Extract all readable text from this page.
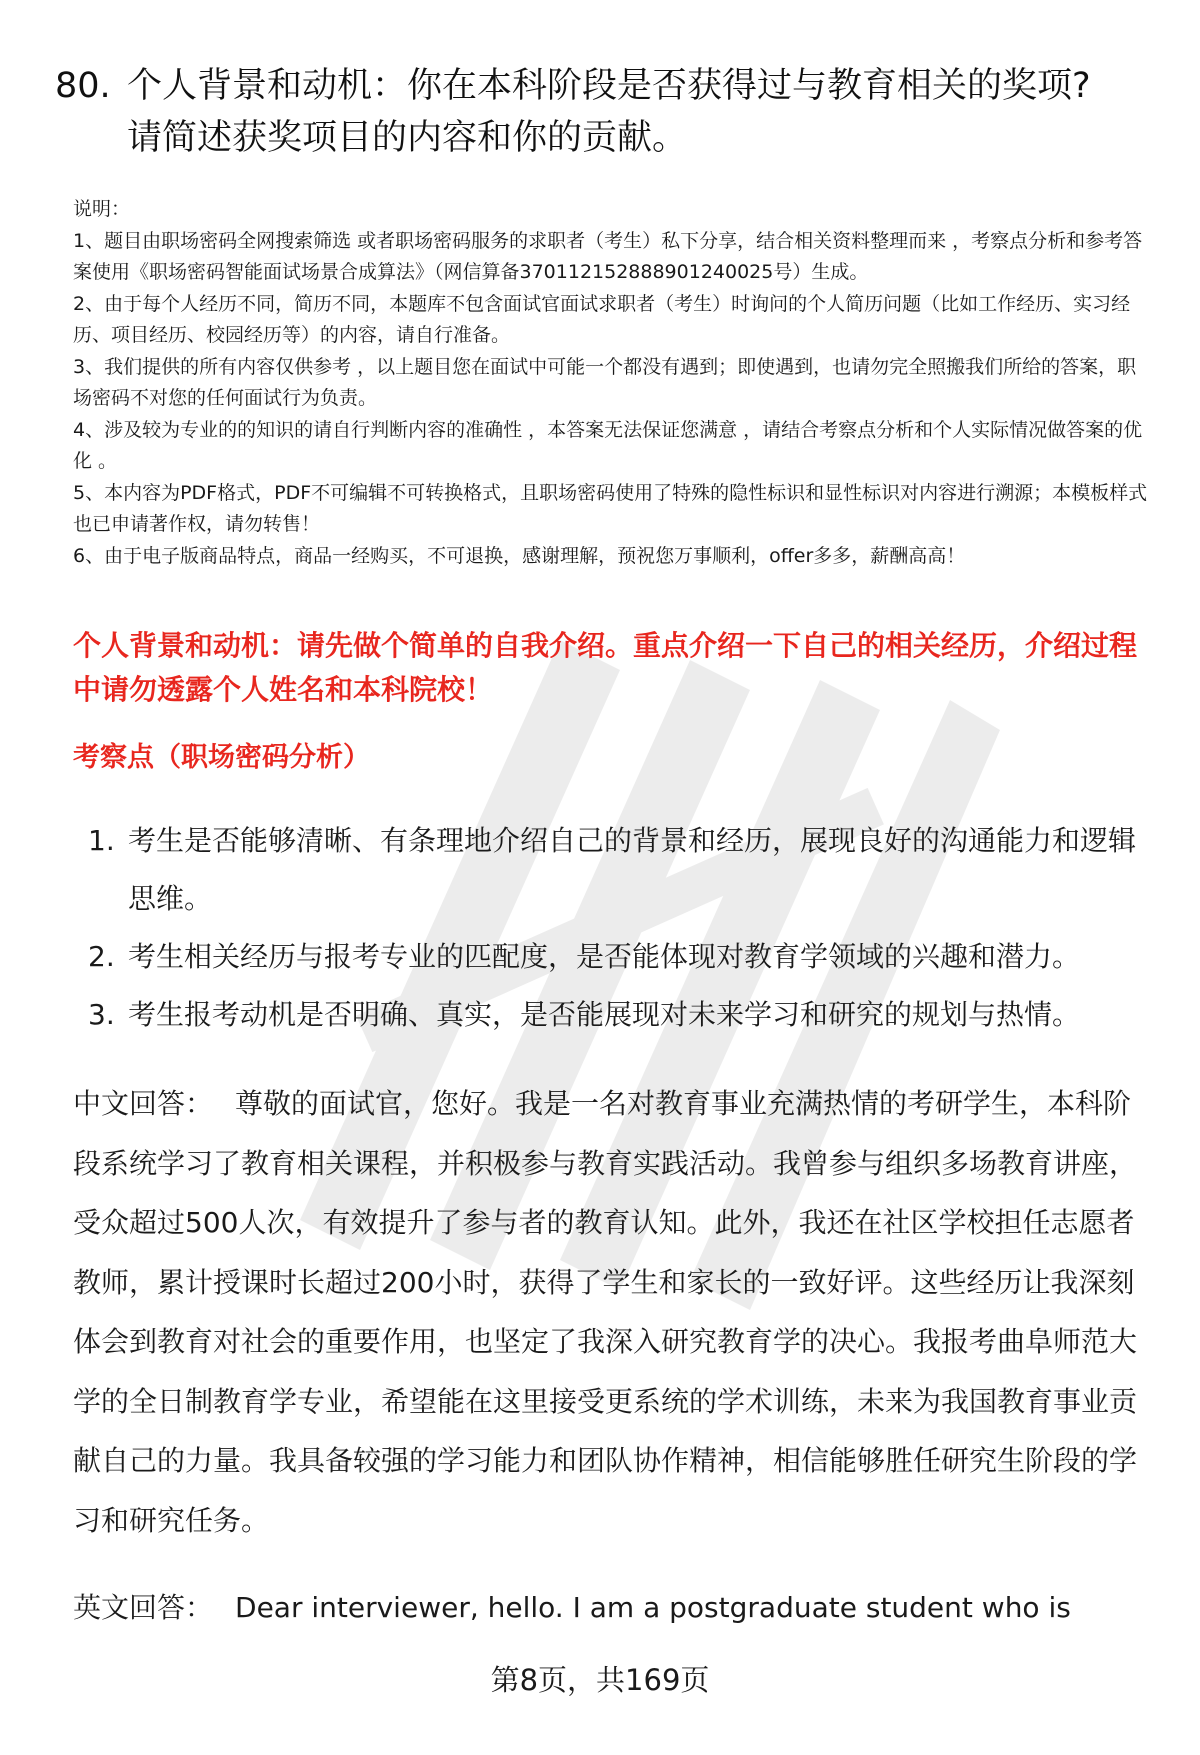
80. 个人背景和动机：你在本科阶段是否获得过与教育相关的奖项?
请简述获奖项目的内容和你的贡献。

说明：

1、题目由职场密码全网搜索筛选 或者职场密码服务的求职者（考生）私下分享，结合相关资料整理而来 ，考察点分析和参考答案使用《职场密码智能面试场景合成算法》（网信算备370112152888901240025号）生成。

2、由于每个人经历不同，简历不同，本题库不包含面试官面试求职者（考生）时询问的个人简历问题（比如工作经历、实习经历、项目经历、校园经历等）的内容，请自行准备。

3、我们提供的所有内容仅供参考 ，以上题目您在面试中可能一个都没有遇到；即使遇到，也请勿完全照搬我们所给的答案，职场密码不对您的任何面试行为负责。

4、涉及较为专业的的知识的请自行判断内容的准确性 ，本答案无法保证您满意 ，请结合考察点分析和个人实际情况做答案的优化 。

5、本内容为PDF格式，PDF不可编辑不可转换格式，且职场密码使用了特殊的隐性标识和显性标识对内容进行溯源；本模板样式也已申请著作权，请勿转售！

6、由于电子版商品特点，商品一经购买，不可退换，感谢理解，预祝您万事顺利，offer多多，薪酬高高！

个人背景和动机：请先做个简单的自我介绍。重点介绍一下自己的相关经历，介绍过程中请勿透露个人姓名和本科院校！
考察点（职场密码分析）
1. 考生是否能够清晰、有条理地介绍自己的背景和经历，展现良好的沟通能力和逻辑思维。
2. 考生相关经历与报考专业的匹配度，是否能体现对教育学领域的兴趣和潜力。
3. 考生报考动机是否明确、真实，是否能展现对未来学习和研究的规划与热情。
中文回答： 尊敬的面试官，您好。我是一名对教育事业充满热情的考研学生，本科阶段系统学习了教育相关课程，并积极参与教育实践活动。我曾参与组织多场教育讲座，受众超过500人次，有效提升了参与者的教育认知。此外，我还在社区学校担任志愿者教师，累计授课时长超过200小时，获得了学生和家长的一致好评。这些经历让我深刻体会到教育对社会的重要作用，也坚定了我深入研究教育学的决心。我报考曲阜师范大学的全日制教育学专业，希望能在这里接受更系统的学术训练，未来为我国教育事业贡献自己的力量。我具备较强的学习能力和团队协作精神，相信能够胜任研究生阶段的学习和研究任务。
英文回答： Dear interviewer, hello. I am a postgraduate student who is
第8页，共169页
